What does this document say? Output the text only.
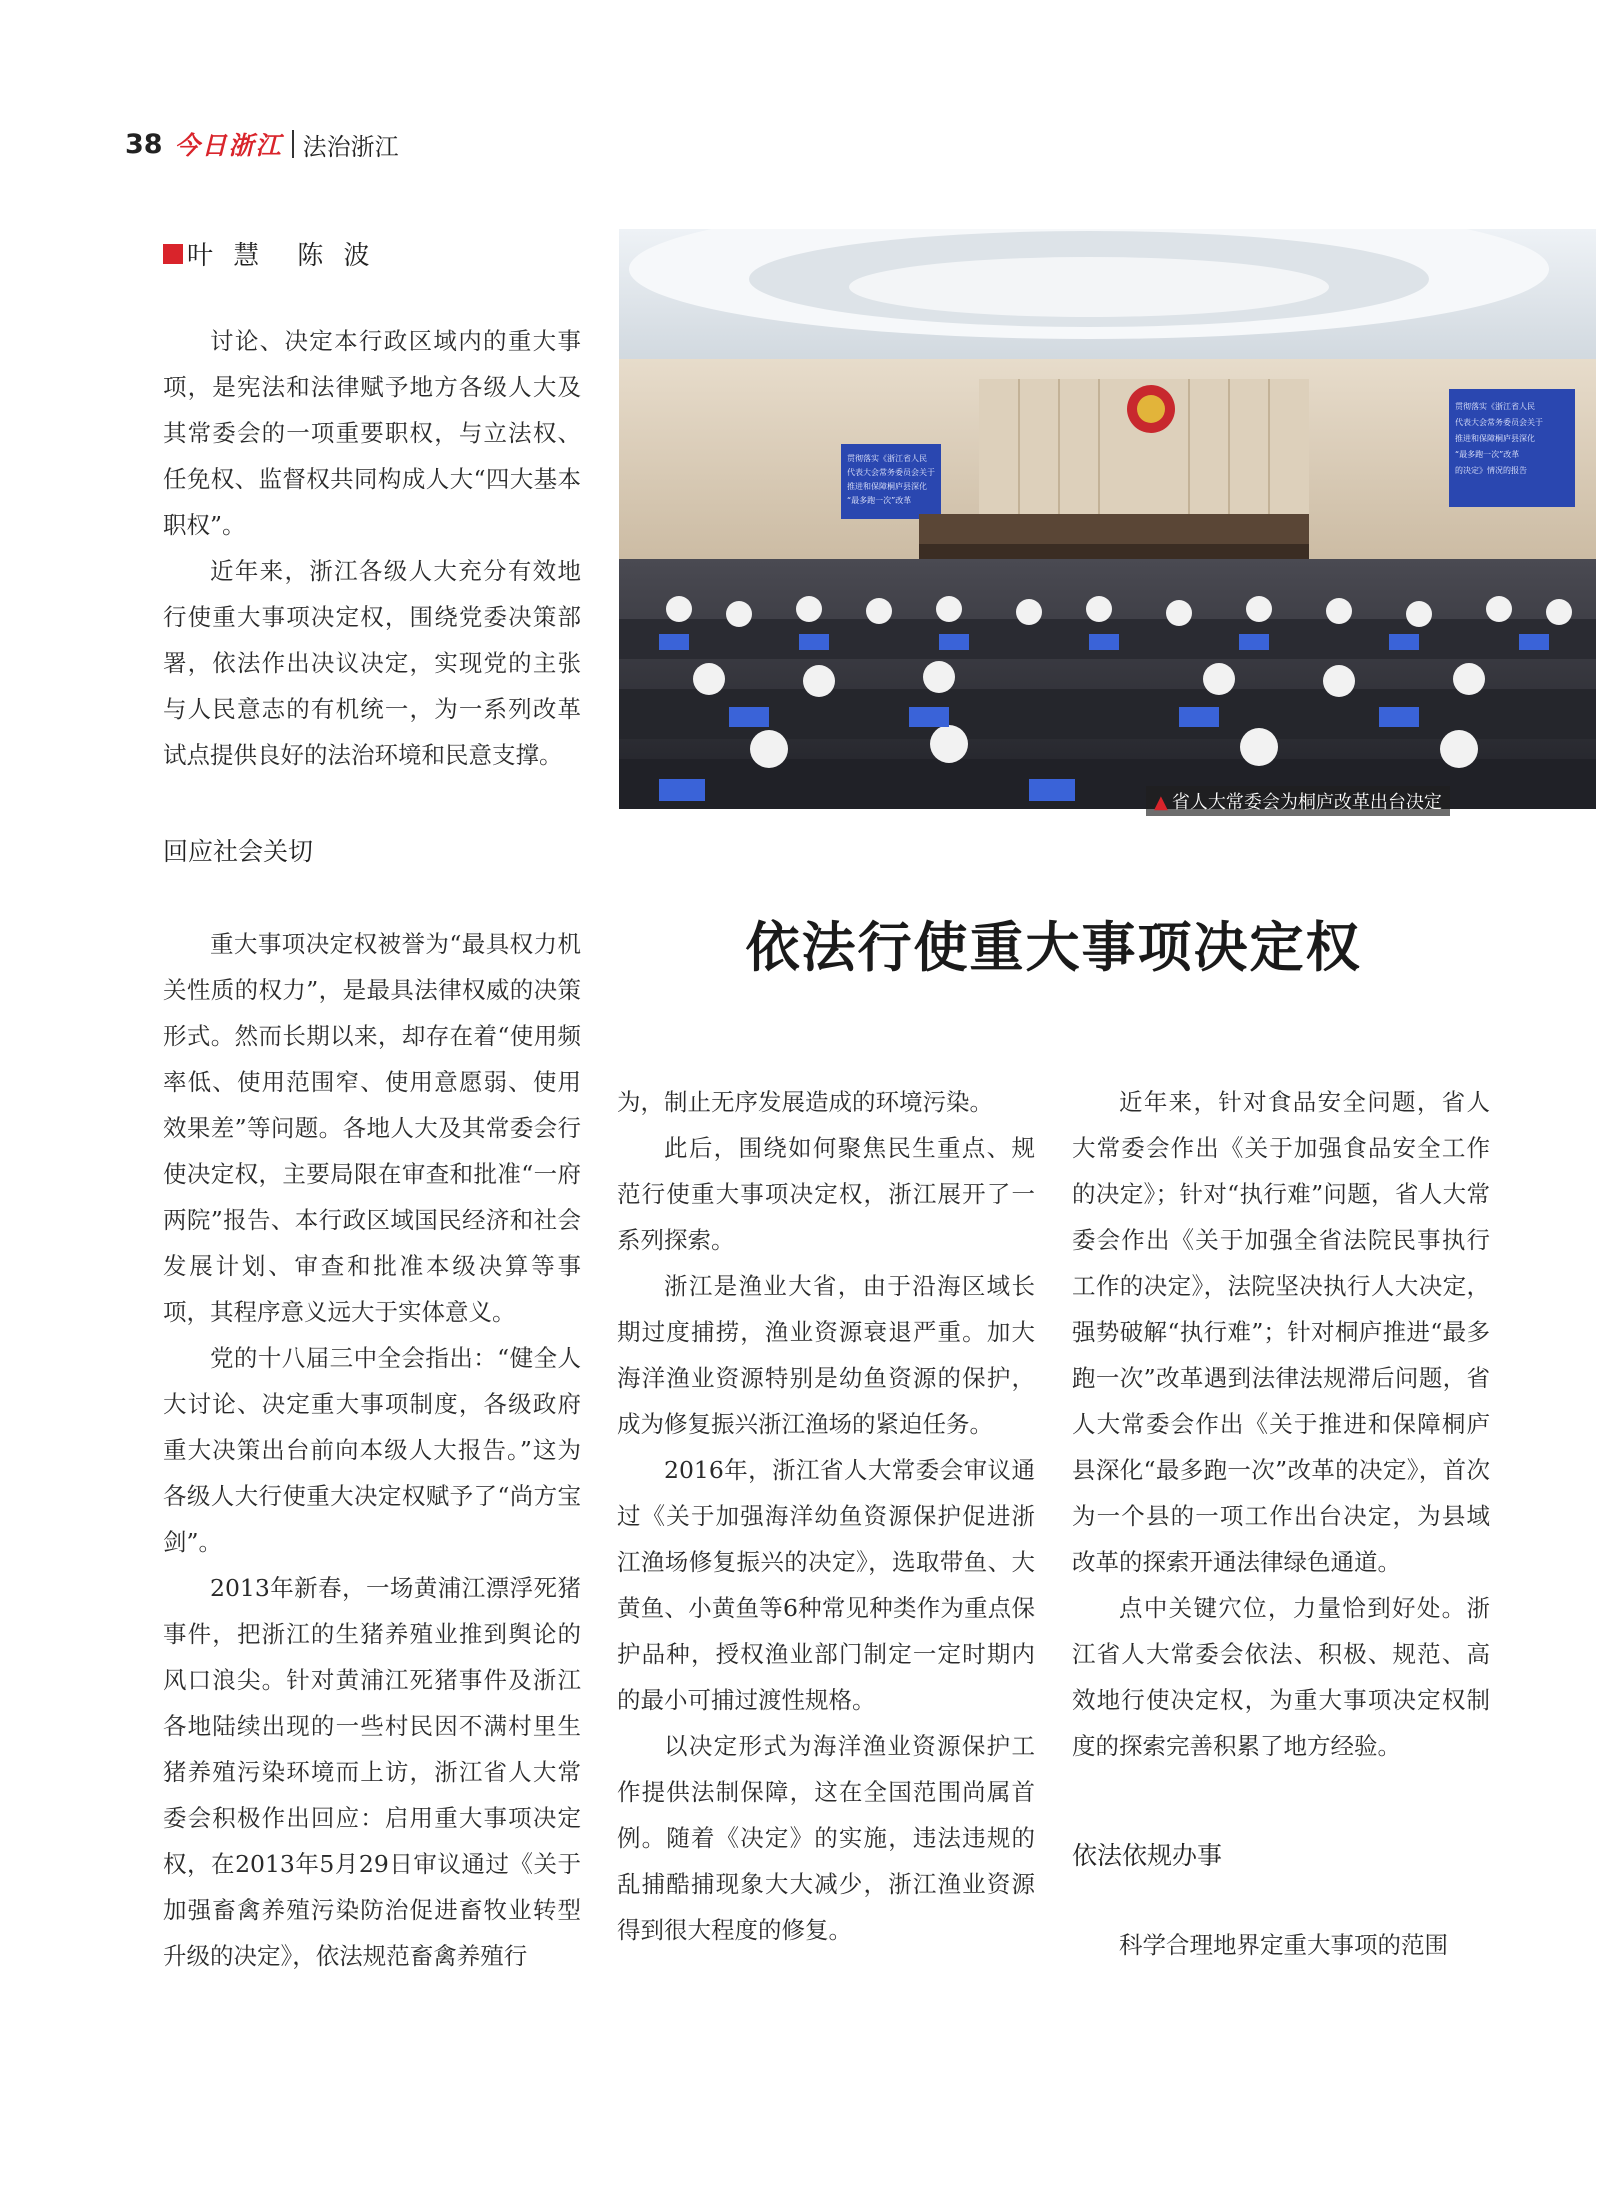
38 今日浙江 法治浙江
叶 慧　陈 波

讨论、决定本行政区域内的重大事项，是宪法和法律赋予地方各级人大及其常委会的一项重要职权，与立法权、任免权、监督权共同构成人大“四大基本职权”。

近年来，浙江各级人大充分有效地行使重大事项决定权，围绕党委决策部署，依法作出决议决定，实现党的主张与人民意志的有机统一，为一系列改革试点提供良好的法治环境和民意支撑。

回应社会关切

重大事项决定权被誉为“最具权力机关性质的权力”，是最具法律权威的决策形式。然而长期以来，却存在着“使用频率低、使用范围窄、使用意愿弱、使用效果差”等问题。各地人大及其常委会行使决定权，主要局限在审查和批准“一府两院”报告、本行政区域国民经济和社会发展计划、审查和批准本级决算等事项，其程序意义远大于实体意义。

党的十八届三中全会指出：“健全人大讨论、决定重大事项制度，各级政府重大决策出台前向本级人大报告。”这为各级人大行使重大决定权赋予了“尚方宝剑”。

2013年新春，一场黄浦江漂浮死猪事件，把浙江的生猪养殖业推到舆论的风口浪尖。针对黄浦江死猪事件及浙江各地陆续出现的一些村民因不满村里生猪养殖污染环境而上访，浙江省人大常委会积极作出回应：启用重大事项决定权，在2013年5月29日审议通过《关于加强畜禽养殖污染防治促进畜牧业转型升级的决定》，依法规范畜禽养殖行

贯彻落实《浙江省人民
代表大会常务委员会关于
推进和保障桐庐县深化
“最多跑一次”改革
贯彻落实《浙江省人民
代表大会常务委员会关于
推进和保障桐庐县深化
“最多跑一次”改革
的决定》情况的报告
▲ 省人大常委会为桐庐改革出台决定
依法行使重大事项决定权

为，制止无序发展造成的环境污染。

此后，围绕如何聚焦民生重点、规范行使重大事项决定权，浙江展开了一系列探索。

浙江是渔业大省，由于沿海区域长期过度捕捞，渔业资源衰退严重。加大海洋渔业资源特别是幼鱼资源的保护，成为修复振兴浙江渔场的紧迫任务。

2016年，浙江省人大常委会审议通过《关于加强海洋幼鱼资源保护促进浙江渔场修复振兴的决定》，选取带鱼、大黄鱼、小黄鱼等6种常见种类作为重点保护品种，授权渔业部门制定一定时期内的最小可捕过渡性规格。

以决定形式为海洋渔业资源保护工作提供法制保障，这在全国范围尚属首例。随着《决定》的实施，违法违规的乱捕酷捕现象大大减少，浙江渔业资源得到很大程度的修复。

近年来，针对食品安全问题，省人大常委会作出《关于加强食品安全工作的决定》；针对“执行难”问题，省人大常委会作出《关于加强全省法院民事执行工作的决定》，法院坚决执行人大决定，强势破解“执行难”；针对桐庐推进“最多跑一次”改革遇到法律法规滞后问题，省人大常委会作出《关于推进和保障桐庐县深化“最多跑一次”改革的决定》，首次为一个县的一项工作出台决定，为县域改革的探索开通法律绿色通道。

点中关键穴位，力量恰到好处。浙江省人大常委会依法、积极、规范、高效地行使决定权，为重大事项决定权制度的探索完善积累了地方经验。

依法依规办事

科学合理地界定重大事项的范围
